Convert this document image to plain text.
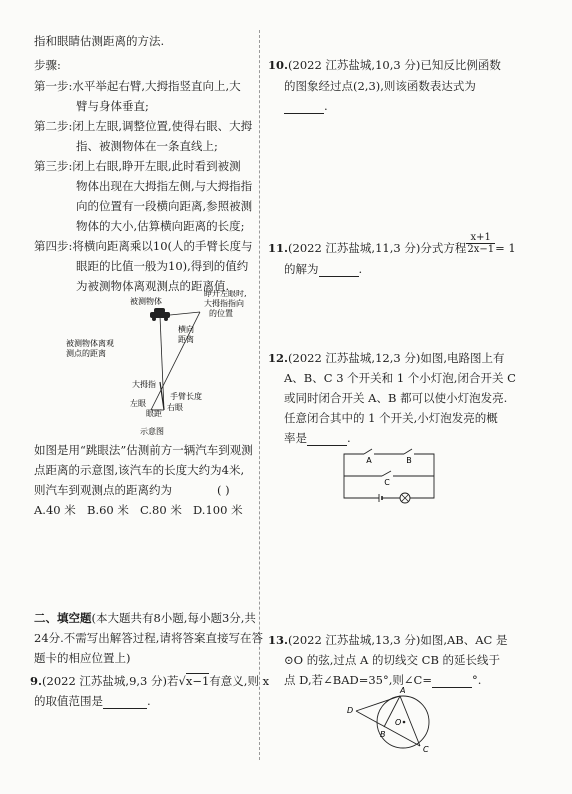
指和眼睛估测距离的方法.
步骤:
第一步:水平举起右臂,大拇指竖直向上,大
臂与身体垂直;
第二步:闭上左眼,调整位置,使得右眼、大拇
指、被测物体在一条直线上;
第三步:闭上右眼,睁开左眼,此时看到被测
物体出现在大拇指左侧,与大拇指指
向的位置有一段横向距离,参照被测
物体的大小,估算横向距离的长度;
第四步:将横向距离乘以10(人的手臂长度与
眼距的比值一般为10),得到的值约
为被测物体离观测点的距离值.
被测物体
睁开左眼时,
大拇指指向
的位置
横向
距离
被测物体离观
测点的距离
大拇指
手臂长度
左眼
眼距
右眼
示意图
如图是用“跳眼法”估测前方一辆汽车到观测
点距离的示意图,该汽车的长度大约为4米,
则汽车到观测点的距离约为	( )
A.40 米 B.60 米 C.80 米 D.100 米
二、填空题(本大题共有8小题,每小题3分,共
24分.不需写出解答过程,请将答案直接写在答
题卡的相应位置上)
9.(2022 江苏盐城,9,3 分)若√x−1有意义,则 x
的取值范围是	.
10.(2022 江苏盐城,10,3 分)已知反比例函数
的图象经过点(2,3),则该函数表达式为
.
11.(2022 江苏盐城,11,3 分)分式方程 $\frac{x+1}{2x-1} = 1$
的解为	.
12.(2022 江苏盐城,12,3 分)如图,电路图上有
A、B、C 3 个开关和 1 个小灯泡,闭合开关 C
或同时闭合开关 A、B 都可以使小灯泡发亮.
任意闭合其中的 1 个开关,小灯泡发亮的概
率是	.
A	B
C
13.(2022 江苏盐城,13,3 分)如图,AB、AC 是
⊙O 的弦,过点 A 的切线交 CB 的延长线于
点 D,若∠BAD=35°,则∠C=	°.
A
B
C
D
O
